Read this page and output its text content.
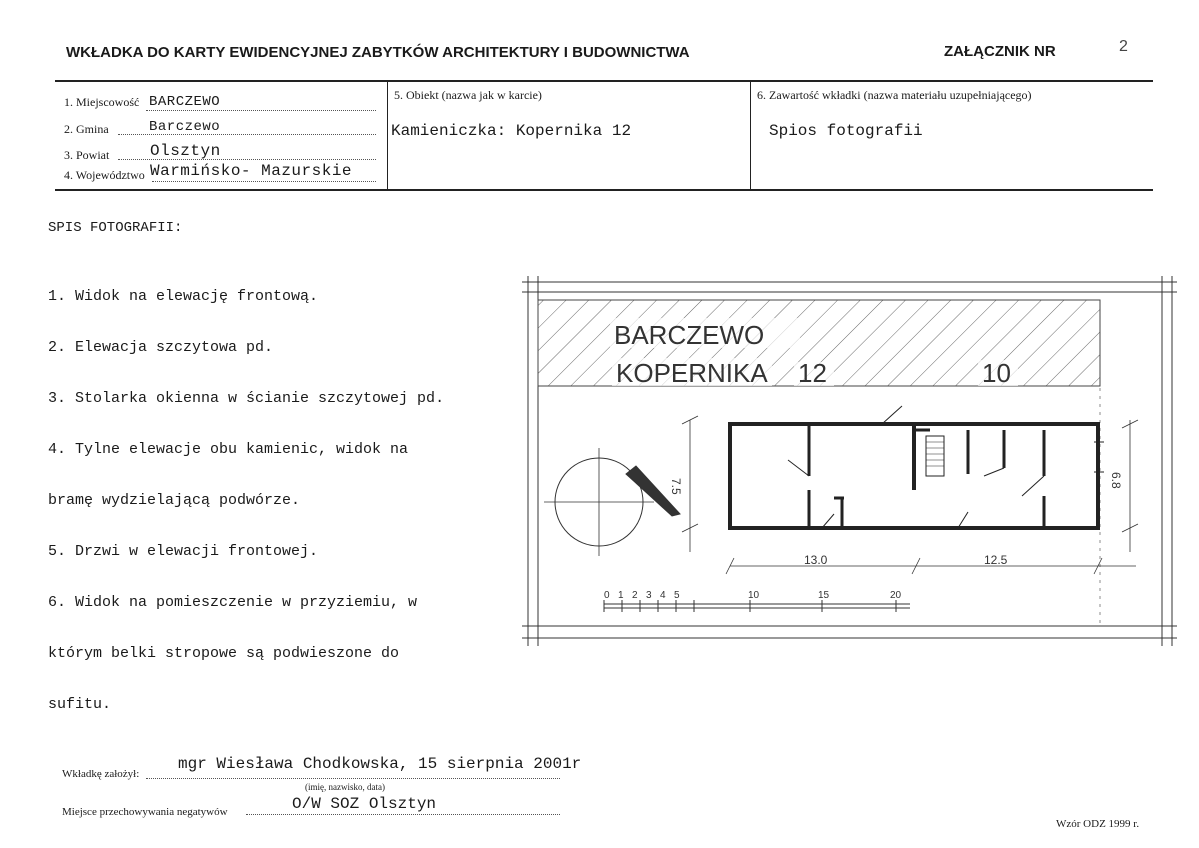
WKŁADKA DO KARTY EWIDENCYJNEJ ZABYTKÓW ARCHITEKTURY I BUDOWNICTWA	ZAŁĄCZNIK NR	2
1. Miejscowość BARCZEWO
2. Gmina	Barczewo
3. Powiat	Olsztyn
4. Województwo Warmińsko- Mazurskie
5. Obiekt (nazwa jak w karcie)
Kamieniczka: Kopernika 12
6. Zawartość wkładki (nazwa materiału uzupełniającego)
Spios fotografii
SPIS FOTOGRAFII:

1. Widok na elewację frontową.

2. Elewacja szczytowa pd.

3. Stolarka okienna w ścianie szczytowej pd.

4. Tylne elewacje obu kamienic, widok na

bramę wydzielającą podwórze.

5. Drzwi w elewacji frontowej.

6. Widok na pomieszczenie w przyziemiu, w

którym belki stropowe są podwieszone do

sufitu.

BARCZEWO
KOPERNIKA 12	10
7.5	6.8
13.0	12.5
0 1 2 3 4 5	10	15	20
Wkładkę założył:
mgr Wiesława Chodkowska, 15 sierpnia 2001r
(imię, nazwisko, data)
Miejsce przechowywania negatywów	O/W SOZ Olsztyn
Wzór ODZ 1999 r.
